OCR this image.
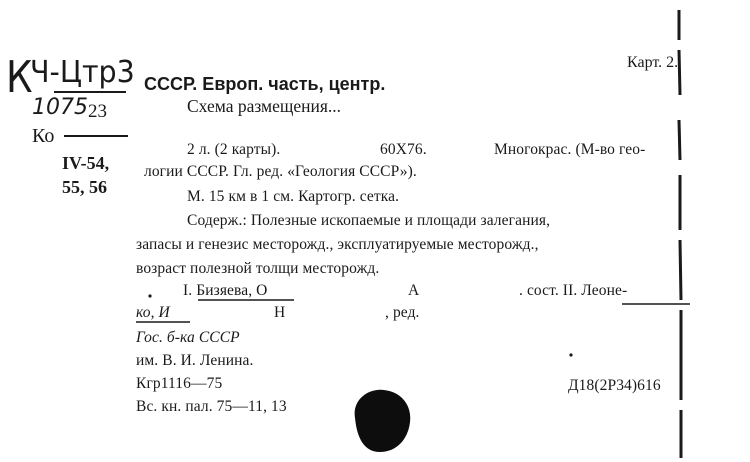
К
Ч-Цтр3
1075 23
Ко
IV-54,
55, 56
Карт. 2.
СССР. Европ. часть, центр.
Схема размещения...
2 л. (2 карты).	60Х76.	Многокрас. (М-во гео-
логии СССР. Гл. ред. «Геология СССР»).
М. 15 км в 1 см. Картогр. сетка.
Содерж.: Полезные ископаемые и площади залегания,
запасы и генезис месторожд., эксплуатируемые месторожд.,
возраст полезной толщи месторожд.
I. Бизяева, О	А	. сост. II. Леоне-
ко, И	Н	, ред.
Гос. б-ка СССР
им. В. И. Ленина.
Кгр1116—75	Д18(2Р34)616
Вс. кн. пал. 75—11, 13
